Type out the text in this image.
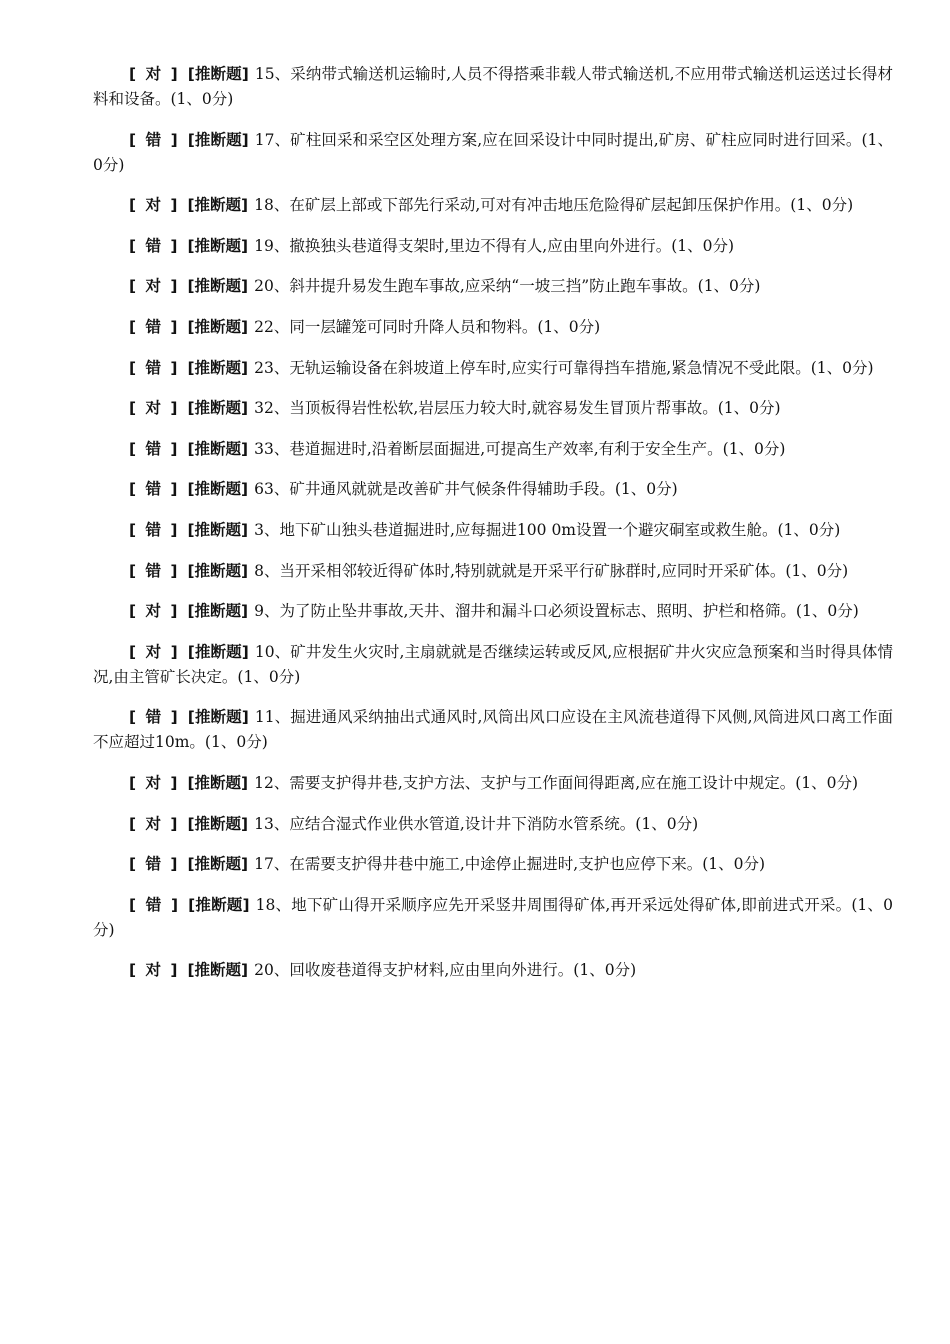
[ 对 ] [推断题] 15、采纳带式输送机运输时,人员不得搭乘非载人带式输送机,不应用带式输送机运送过长得材料和设备。(1、0分)

[ 错 ] [推断题] 17、矿柱回采和采空区处理方案,应在回采设计中同时提出,矿房、矿柱应同时进行回采。(1、0分)

[ 对 ] [推断题] 18、在矿层上部或下部先行采动,可对有冲击地压危险得矿层起卸压保护作用。(1、0分)

[ 错 ] [推断题] 19、撤换独头巷道得支架时,里边不得有人,应由里向外进行。(1、0分)

[ 对 ] [推断题] 20、斜井提升易发生跑车事故,应采纳“一坡三挡”防止跑车事故。(1、0分)

[ 错 ] [推断题] 22、同一层罐笼可同时升降人员和物料。(1、0分)

[ 错 ] [推断题] 23、无轨运输设备在斜坡道上停车时,应实行可靠得挡车措施,紧急情况不受此限。(1、0分)

[ 对 ] [推断题] 32、当顶板得岩性松软,岩层压力较大时,就容易发生冒顶片帮事故。(1、0分)

[ 错 ] [推断题] 33、巷道掘进时,沿着断层面掘进,可提高生产效率,有利于安全生产。(1、0分)

[ 错 ] [推断题] 63、矿井通风就就是改善矿井气候条件得辅助手段。(1、0分)

[ 错 ] [推断题] 3、地下矿山独头巷道掘进时,应每掘进100 0m设置一个避灾硐室或救生舱。(1、0分)

[ 错 ] [推断题] 8、当开采相邻较近得矿体时,特别就就是开采平行矿脉群时,应同时开采矿体。(1、0分)

[ 对 ] [推断题] 9、为了防止坠井事故,天井、溜井和漏斗口必须设置标志、照明、护栏和格筛。(1、0分)

[ 对 ] [推断题] 10、矿井发生火灾时,主扇就就是否继续运转或反风,应根据矿井火灾应急预案和当时得具体情况,由主管矿长决定。(1、0分)

[ 错 ] [推断题] 11、掘进通风采纳抽出式通风时,风筒出风口应设在主风流巷道得下风侧,风筒进风口离工作面不应超过10m。(1、0分)

[ 对 ] [推断题] 12、需要支护得井巷,支护方法、支护与工作面间得距离,应在施工设计中规定。(1、0分)

[ 对 ] [推断题] 13、应结合湿式作业供水管道,设计井下消防水管系统。(1、0分)

[ 错 ] [推断题] 17、在需要支护得井巷中施工,中途停止掘进时,支护也应停下来。(1、0分)

[ 错 ] [推断题] 18、地下矿山得开采顺序应先开采竖井周围得矿体,再开采远处得矿体,即前进式开采。(1、0分)

[ 对 ] [推断题] 20、回收废巷道得支护材料,应由里向外进行。(1、0分)
